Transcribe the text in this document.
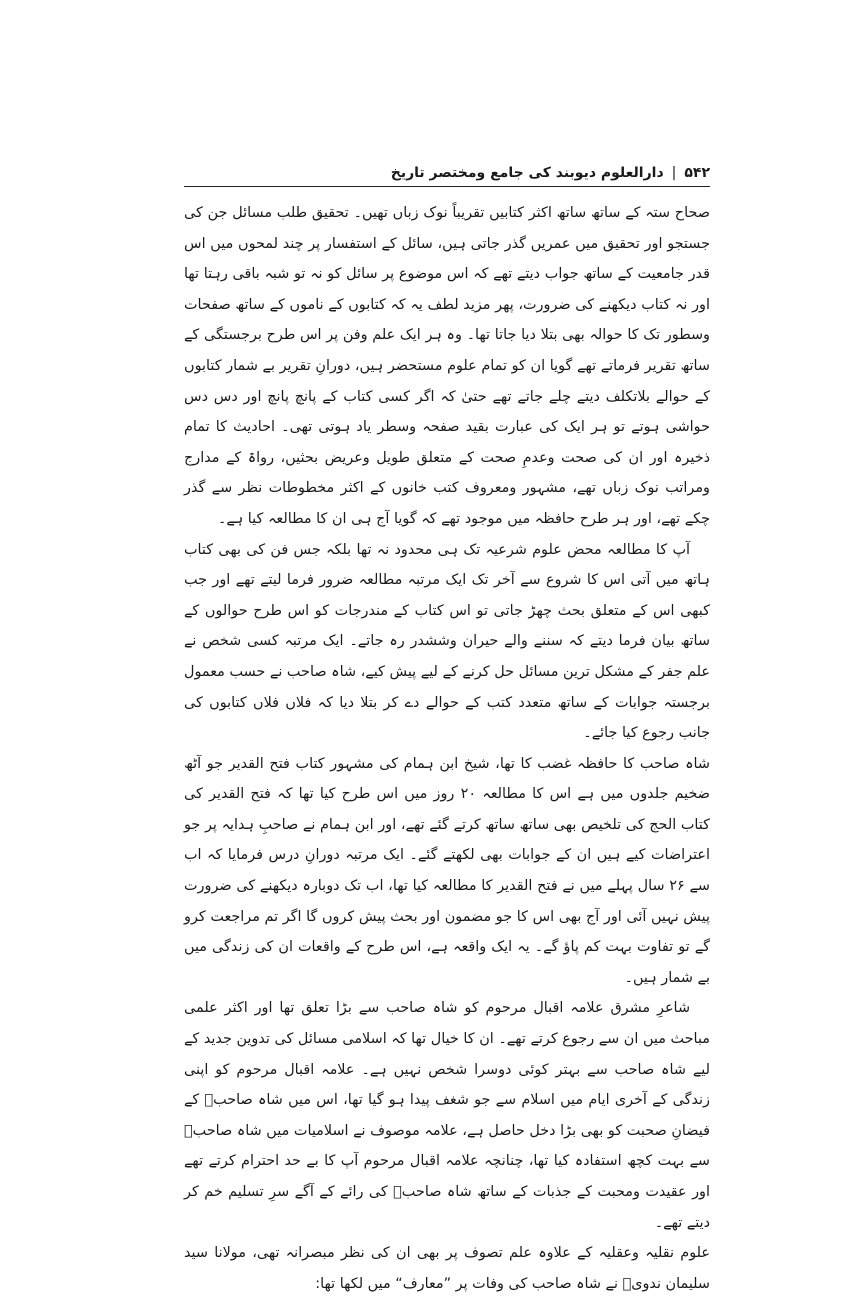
۵۴۲
|
دارالعلوم دیوبند کی جامع ومختصر تاریخ

صحاح ستہ کے ساتھ ساتھ اکثر کتابیں تقریباً نوک زباں تھیں۔ تحقیق طلب مسائل جن کی جستجو اور تحقیق میں عمریں گذر جاتی ہیں، سائل کے استفسار پر چند لمحوں میں اس قدر جامعیت کے ساتھ جواب دیتے تھے کہ اس موضوع پر سائل کو نہ تو شبہ باقی رہتا تھا اور نہ کتاب دیکھنے کی ضرورت، پھر مزید لطف یہ کہ کتابوں کے ناموں کے ساتھ صفحات وسطور تک کا حوالہ بھی بتلا دیا جاتا تھا۔ وہ ہر ایک علم وفن پر اس طرح برجستگی کے ساتھ تقریر فرماتے تھے گویا ان کو تمام علوم مستحضر ہیں، دورانِ تقریر بے شمار کتابوں کے حوالے بلاتکلف دیتے چلے جاتے تھے حتیٰ کہ اگر کسی کتاب کے پانچ پانچ اور دس دس حواشی ہوتے تو ہر ایک کی عبارت بقید صفحہ وسطر یاد ہوتی تھی۔ احادیث کا تمام ذخیرہ اور ان کی صحت وعدمِ صحت کے متعلق طویل وعریض بحثیں، رواۃ کے مدارج ومراتب نوک زباں تھے، مشہور ومعروف کتب خانوں کے اکثر مخطوطات نظر سے گذر چکے تھے، اور ہر طرح حافظہ میں موجود تھے کہ گویا آج ہی ان کا مطالعہ کیا ہے۔

آپ کا مطالعہ محض علوم شرعیہ تک ہی محدود نہ تھا بلکہ جس فن کی بھی کتاب ہاتھ میں آتی اس کا شروع سے آخر تک ایک مرتبہ مطالعہ ضرور فرما لیتے تھے اور جب کبھی اس کے متعلق بحث چھڑ جاتی تو اس کتاب کے مندرجات کو اس طرح حوالوں کے ساتھ بیان فرما دیتے کہ سننے والے حیران وششدر رہ جاتے۔ ایک مرتبہ کسی شخص نے علم جفر کے مشکل ترین مسائل حل کرنے کے لیے پیش کیے، شاہ صاحب نے حسب معمول برجستہ جوابات کے ساتھ متعدد کتب کے حوالے دے کر بتلا دیا کہ فلاں فلاں کتابوں کی جانب رجوع کیا جائے۔

شاہ صاحب کا حافظہ غضب کا تھا، شیخ ابن ہمام کی مشہور کتاب فتح القدیر جو آٹھ ضخیم جلدوں میں ہے اس کا مطالعہ ۲۰ روز میں اس طرح کیا تھا کہ فتح القدیر کی کتاب الحج کی تلخیص بھی ساتھ ساتھ کرتے گئے تھے، اور ابن ہمام نے صاحبِ ہدایہ پر جو اعتراضات کیے ہیں ان کے جوابات بھی لکھتے گئے۔ ایک مرتبہ دورانِ درس فرمایا کہ اب سے ۲۶ سال پہلے میں نے فتح القدیر کا مطالعہ کیا تھا، اب تک دوبارہ دیکھنے کی ضرورت پیش نہیں آئی اور آج بھی اس کا جو مضمون اور بحث پیش کروں گا اگر تم مراجعت کرو گے تو تفاوت بہت کم پاؤ گے۔ یہ ایک واقعہ ہے، اس طرح کے واقعات ان کی زندگی میں بے شمار ہیں۔

شاعرِ مشرق علامہ اقبال مرحوم کو شاہ صاحب سے بڑا تعلق تھا اور اکثر علمی مباحث میں ان سے رجوع کرتے تھے۔ ان کا خیال تھا کہ اسلامی مسائل کی تدوین جدید کے لیے شاہ صاحب سے بہتر کوئی دوسرا شخص نہیں ہے۔ علامہ اقبال مرحوم کو اپنی زندگی کے آخری ایام میں اسلام سے جو شغف پیدا ہو گیا تھا، اس میں شاہ صاحبؒ کے فیضانِ صحبت کو بھی بڑا دخل حاصل ہے، علامہ موصوف نے اسلامیات میں شاہ صاحبؒ سے بہت کچھ استفادہ کیا تھا، چنانچہ علامہ اقبال مرحوم آپ کا بے حد احترام کرتے تھے اور عقیدت ومحبت کے جذبات کے ساتھ شاہ صاحبؒ کی رائے کے آگے سرِ تسلیم خم کر دیتے تھے۔

علوم نقلیہ وعقلیہ کے علاوہ علم تصوف پر بھی ان کی نظر مبصرانہ تھی، مولانا سید سلیمان ندویؒ نے شاہ صاحب کی وفات پر ”معارف“ میں لکھا تھا:
